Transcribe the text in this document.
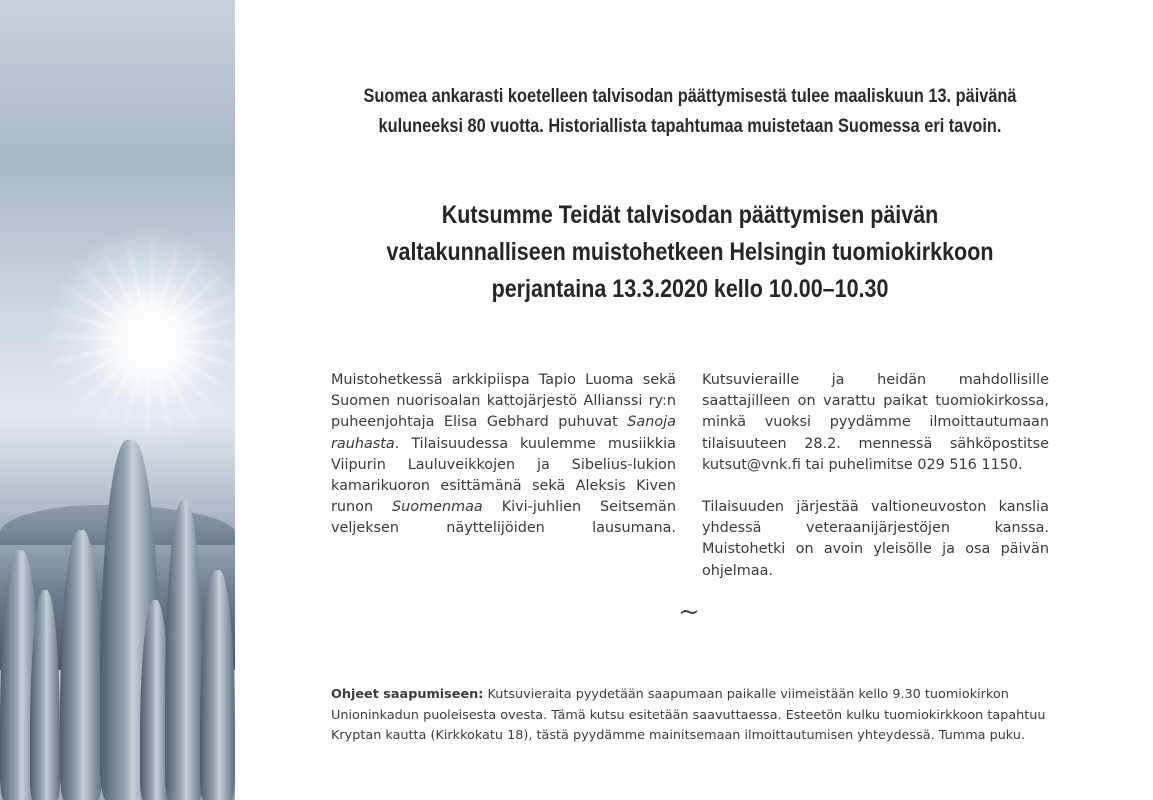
Suomea ankarasti koetelleen talvisodan päättymisestä tulee maaliskuun 13. päivänä
kuluneeksi 80 vuotta. Historiallista tapahtumaa muistetaan Suomessa eri tavoin.
Kutsumme Teidät talvisodan päättymisen päivän
valtakunnalliseen muistohetkeen Helsingin tuomiokirkkoon
perjantaina 13.3.2020 kello 10.00–10.30

Muistohetkessä arkkipiispa Tapio Luoma sekä Suomen nuorisoalan kattojärjestö Allianssi ry:n puheenjohtaja Elisa Gebhard puhuvat Sanoja rauhasta. Tilaisuudessa kuulemme musiikkia Viipurin Lauluveikkojen ja Sibelius-lukion kamarikuoron esittämänä sekä Aleksis Kiven runon Suomenmaa Kivi-juhlien Seitsemän veljeksen näyttelijöiden lausumana.

Kutsuvieraille ja heidän mahdollisille saattajilleen on varattu paikat tuomiokirkossa, minkä vuoksi pyydämme ilmoittautumaan tilaisuuteen 28.2. mennessä sähköpostitse kutsut@vnk.fi tai puhelimitse 029 516 1150.

Tilaisuuden järjestää valtioneuvoston kanslia yhdessä veteraanijärjestöjen kanssa. Muistohetki on avoin yleisölle ja osa päivän ohjelmaa.

~

Ohjeet saapumiseen: Kutsuvieraita pyydetään saapumaan paikalle viimeistään kello 9.30 tuomiokirkon Unioninkadun puoleisesta ovesta. Tämä kutsu esitetään saavuttaessa. Esteetön kulku tuomiokirkkoon tapahtuu Kryptan kautta (Kirkkokatu 18), tästä pyydämme mainitsemaan ilmoittautumisen yhteydessä. Tumma puku.
